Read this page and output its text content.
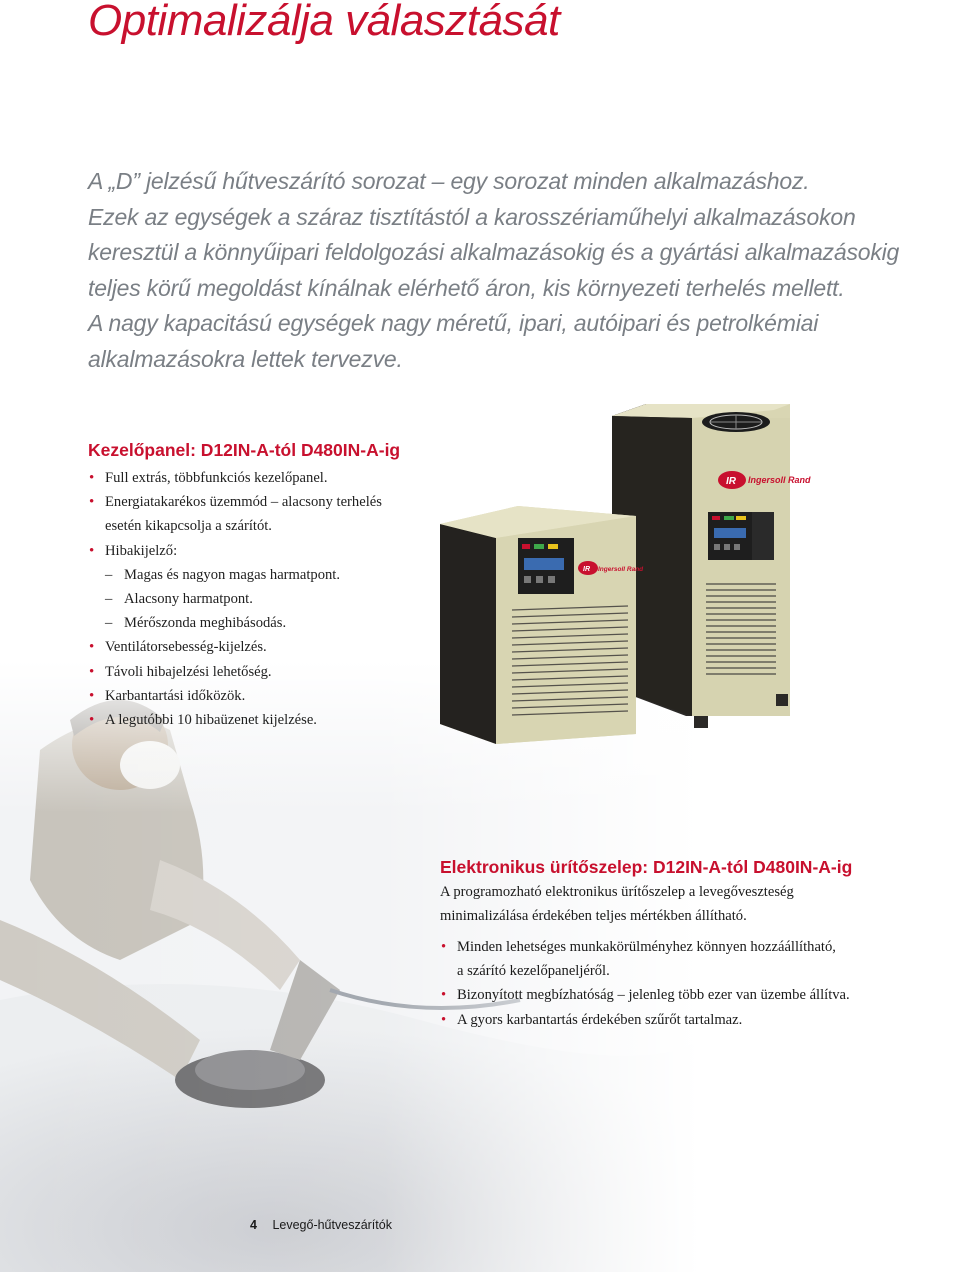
Optimalizálja választását

A „D” jelzésű hűtveszárító sorozat – egy sorozat minden alkalmazáshoz.
Ezek az egységek a száraz tisztítástól a karosszériaműhelyi alkalmazásokon
keresztül a könnyűipari feldolgozási alkalmazásokig és a gyártási alkalmazásokig
teljes körű megoldást kínálnak elérhető áron, kis környezeti terhelés mellett.
A nagy kapacitású egységek nagy méretű, ipari, autóipari és petrolkémiai
alkalmazásokra lettek tervezve.

Kezelőpanel: D12IN-A-tól D480IN-A-ig
• Full extrás, többfunkciós kezelőpanel.
• Energiatakarékos üzemmód – alacsony terhelés
esetén kikapcsolja a szárítót.
• Hibakijelző:
– Magas és nagyon magas harmatpont.
– Alacsony harmatpont.
– Mérőszonda meghibásodás.
• Ventilátorsebesség-kijelzés.
• Távoli hibajelzési lehetőség.
• Karbantartási időközök.
• A legutóbbi 10 hibaüzenet kijelzése.
IR Ingersoll Rand
IR Ingersoll Rand
Elektronikus ürítőszelep: D12IN-A-tól D480IN-A-ig

A programozható elektronikus ürítőszelep a levegőveszteség
minimalizálása érdekében teljes mértékben állítható.

• Minden lehetséges munkakörülményhez könnyen hozzáállítható,
a szárító kezelőpaneljéről.
• Bizonyított megbízhatóság – jelenleg több ezer van üzembe állítva.
• A gyors karbantartás érdekében szűrőt tartalmaz.
4 Levegő-hűtveszárítók
